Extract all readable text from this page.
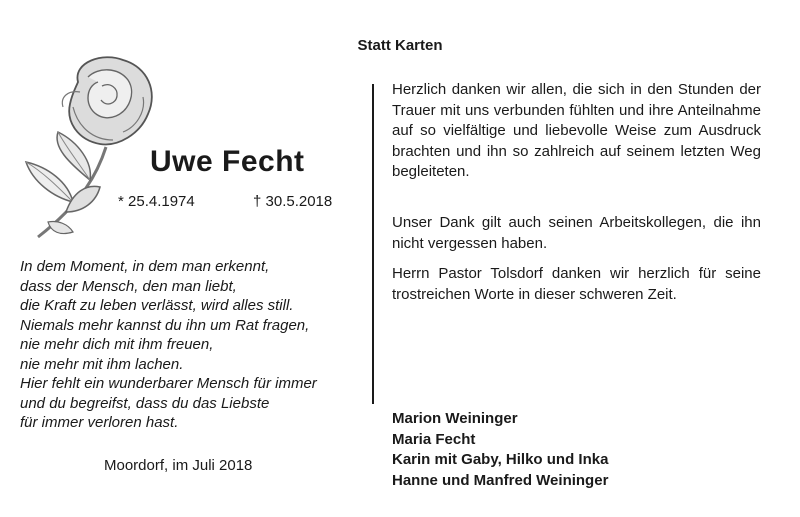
Statt Karten
Uwe Fecht
* 25.4.1974	† 30.5.2018
In dem Moment, in dem man erkennt,
dass der Mensch, den man liebt,
die Kraft zu leben verlässt, wird alles still.
Niemals mehr kannst du ihn um Rat fragen,
nie mehr dich mit ihm freuen,
nie mehr mit ihm lachen.
Hier fehlt ein wunderbarer Mensch für immer
und du begreifst, dass du das Liebste
für immer verloren hast.
Moordorf, im Juli 2018

Herzlich danken wir allen, die sich in den Stunden der Trauer mit uns verbunden fühlten und ihre Anteilnahme auf so vielfältige und liebevolle Weise zum Ausdruck brachten und ihn so zahlreich auf seinem letzten Weg begleiteten.

Unser Dank gilt auch seinen Arbeitskollegen, die ihn nicht vergessen haben.

Herrn Pastor Tolsdorf danken wir herzlich für seine trostreichen Worte in dieser schweren Zeit.

Marion Weininger
Maria Fecht
Karin mit Gaby, Hilko und Inka
Hanne und Manfred Weininger
